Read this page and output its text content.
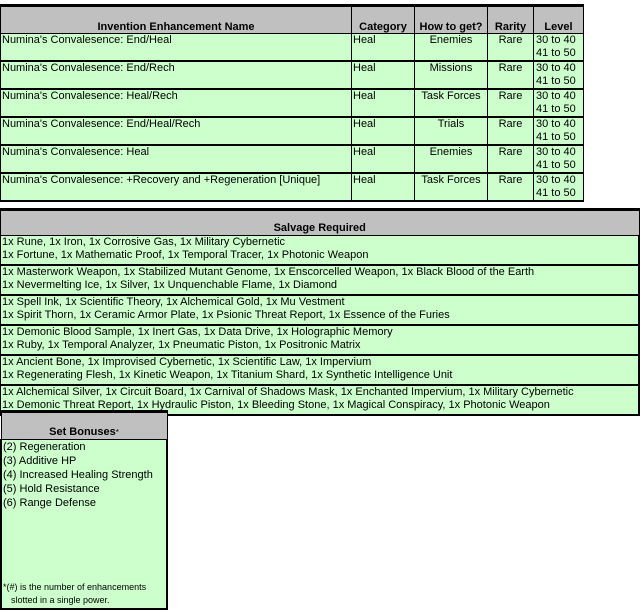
Invention Enhancement Name	Category	How to get?	Rarity	Level
Numina's Convalesence: End/Heal	Heal	Enemies	Rare	30 to 40
41 to 50

Numina's Convalesence: End/Rech	Heal	Missions	Rare	30 to 40
41 to 50

Numina's Convalesence: Heal/Rech	Heal	Task Forces	Rare	30 to 40
41 to 50

Numina's Convalesence: End/Heal/Rech	Heal	Trials	Rare	30 to 40
41 to 50

Numina's Convalesence: Heal	Heal	Enemies	Rare	30 to 40
41 to 50

Numina's Convalesence: +Recovery and +Regeneration [Unique]	Heal	Task Forces	Rare	30 to 40
41 to 50
Salvage Required

1x Rune, 1x Iron, 1x Corrosive Gas, 1x Military Cybernetic
1x Fortune, 1x Mathematic Proof, 1x Temporal Tracer, 1x Photonic Weapon

1x Masterwork Weapon, 1x Stabilized Mutant Genome, 1x Enscorcelled Weapon, 1x Black Blood of the Earth
1x Nevermelting Ice, 1x Silver, 1x Unquenchable Flame, 1x Diamond

1x Spell Ink, 1x Scientific Theory, 1x Alchemical Gold, 1x Mu Vestment
1x Spirit Thorn, 1x Ceramic Armor Plate, 1x Psionic Threat Report, 1x Essence of the Furies

1x Demonic Blood Sample, 1x Inert Gas, 1x Data Drive, 1x Holographic Memory
1x Ruby, 1x Temporal Analyzer, 1x Pneumatic Piston, 1x Positronic Matrix

1x Ancient Bone, 1x Improvised Cybernetic, 1x Scientific Law, 1x Impervium
1x Regenerating Flesh, 1x Kinetic Weapon, 1x Titanium Shard, 1x Synthetic Intelligence Unit

1x Alchemical Silver, 1x Circuit Board, 1x Carnival of Shadows Mask, 1x Enchanted Impervium, 1x Military Cybernetic
1x Demonic Threat Report, 1x Hydraulic Piston, 1x Bleeding Stone, 1x Magical Conspiracy, 1x Photonic Weapon
Set Bonuses*

(2) Regeneration
(3) Additive HP
(4) Increased Healing Strength
(5) Hold Resistance
(6) Range Defense
*(#) is the number of enhancements
slotted in a single power.
